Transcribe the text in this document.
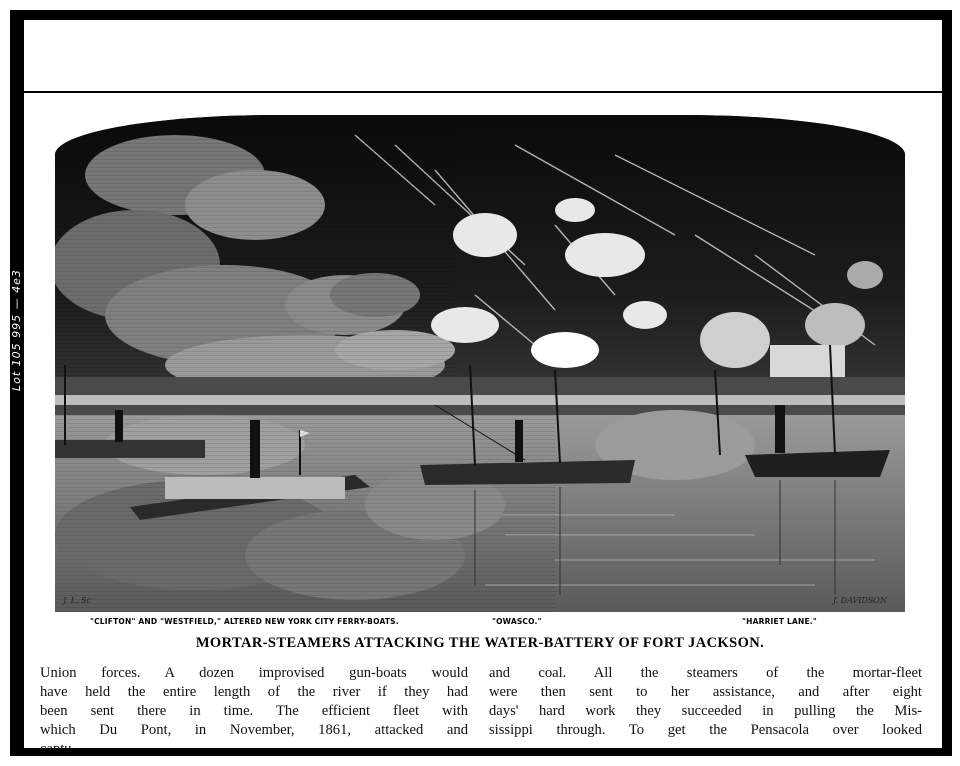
Lot 105 995 — 4e3
J. L. Sc	J. DAVIDSON
"CLIFTON" AND "WESTFIELD," ALTERED NEW YORK CITY FERRY-BOATS.	"OWASCO."	"HARRIET LANE."
MORTAR-STEAMERS ATTACKING THE WATER-BATTERY OF FORT JACKSON.
Union forces. A dozen improvised gun-boats would
have held the entire length of the river if they had
been sent there in time. The efficient fleet with
which Du Pont, in November, 1861, attacked and
and coal. All the steamers of the mortar-fleet
were then sent to her assistance, and after eight
days' hard work they succeeded in pulling the Mis-
sissippi through. To get the Pensacola over looked
